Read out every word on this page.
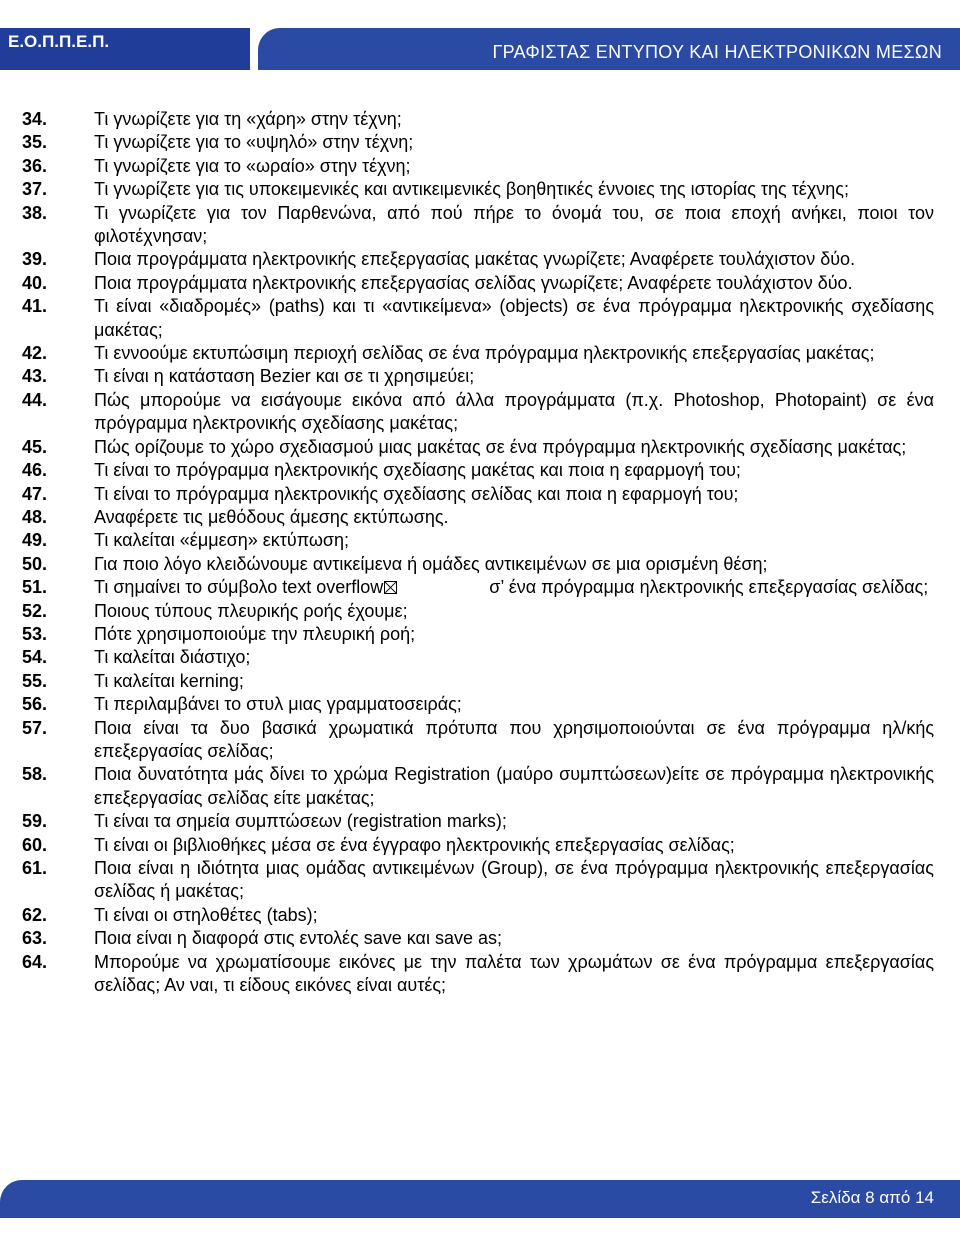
Ε.Ο.Π.Π.Ε.Π.
ΓΡΑΦΙΣΤΑΣ ΕΝΤΥΠΟΥ ΚΑΙ ΗΛΕΚΤΡΟΝΙΚΩΝ ΜΕΣΩΝ
34.	Τι γνωρίζετε για τη «χάρη» στην τέχνη;
35.	Τι γνωρίζετε για το «υψηλό» στην τέχνη;
36.	Τι γνωρίζετε για το «ωραίο» στην τέχνη;
37.	Τι γνωρίζετε για τις υποκειμενικές και αντικειμενικές βοηθητικές έννοιες της ιστορίας της τέχνης;
38.	Τι γνωρίζετε για τον Παρθενώνα, από πού πήρε το όνομά του, σε ποια εποχή ανήκει, ποιοι τον φιλοτέχνησαν;
39.	Ποια προγράμματα ηλεκτρονικής επεξεργασίας μακέτας γνωρίζετε; Αναφέρετε τουλάχιστον δύο.
40.	Ποια προγράμματα ηλεκτρονικής επεξεργασίας σελίδας γνωρίζετε; Αναφέρετε τουλάχιστον δύο.
41.	Τι είναι «διαδρομές» (paths) και τι «αντικείμενα» (objects) σε ένα πρόγραμμα ηλεκτρονικής σχεδίασης μακέτας;
42.	Τι εννοούμε εκτυπώσιμη περιοχή σελίδας σε ένα πρόγραμμα ηλεκτρονικής επεξεργασίας μακέτας;
43.	Τι είναι η κατάσταση Bezier και σε τι χρησιμεύει;
44.	Πώς μπορούμε να εισάγουμε εικόνα από άλλα προγράμματα (π.χ. Photoshop, Photopaint) σε ένα πρόγραμμα ηλεκτρονικής σχεδίασης μακέτας;
45.	Πώς ορίζουμε το χώρο σχεδιασμού μιας μακέτας σε ένα πρόγραμμα ηλεκτρονικής σχεδίασης μακέτας;
46.	Τι είναι το πρόγραμμα ηλεκτρονικής σχεδίασης μακέτας και ποια η εφαρμογή του;
47.	Τι είναι το πρόγραμμα ηλεκτρονικής σχεδίασης σελίδας και ποια η εφαρμογή του;
48.	Αναφέρετε τις μεθόδους άμεσης εκτύπωσης.
49.	Τι καλείται «έμμεση» εκτύπωση;
50.	Για ποιο λόγο κλειδώνουμε αντικείμενα ή ομάδες αντικειμένων σε μια ορισμένη θέση;
51.	Τι σημαίνει το σύμβολο text overflow	σ’ ένα πρόγραμμα ηλεκτρονικής επεξεργασίας σελίδας;
52.	Ποιους τύπους πλευρικής ροής έχουμε;
53.	Πότε χρησιμοποιούμε την πλευρική ροή;
54.	Τι καλείται διάστιχο;
55.	Τι καλείται kerning;
56.	Τι περιλαμβάνει το στυλ μιας γραμματοσειράς;
57.	Ποια είναι τα δυο βασικά χρωματικά πρότυπα που χρησιμοποιούνται σε ένα πρόγραμμα ηλ/κής επεξεργασίας σελίδας;
58.	Ποια δυνατότητα μάς δίνει το χρώμα Registration (μαύρο συμπτώσεων)είτε σε πρόγραμμα ηλεκτρονικής επεξεργασίας σελίδας είτε μακέτας;
59.	Τι είναι τα σημεία συμπτώσεων (registration marks);
60.	Τι είναι οι βιβλιοθήκες μέσα σε ένα έγγραφο ηλεκτρονικής επεξεργασίας σελίδας;
61.	Ποια είναι η ιδιότητα μιας ομάδας αντικειμένων (Group), σε ένα πρόγραμμα ηλεκτρονικής επεξεργασίας σελίδας ή μακέτας;
62.	Τι είναι οι στηλοθέτες (tabs);
63.	Ποια είναι η διαφορά στις εντολές save και save as;
64.	Μπορούμε να χρωματίσουμε εικόνες με την παλέτα των χρωμάτων σε ένα πρόγραμμα επεξεργασίας σελίδας; Αν ναι, τι είδους εικόνες είναι αυτές;
Σελίδα 8 από 14
